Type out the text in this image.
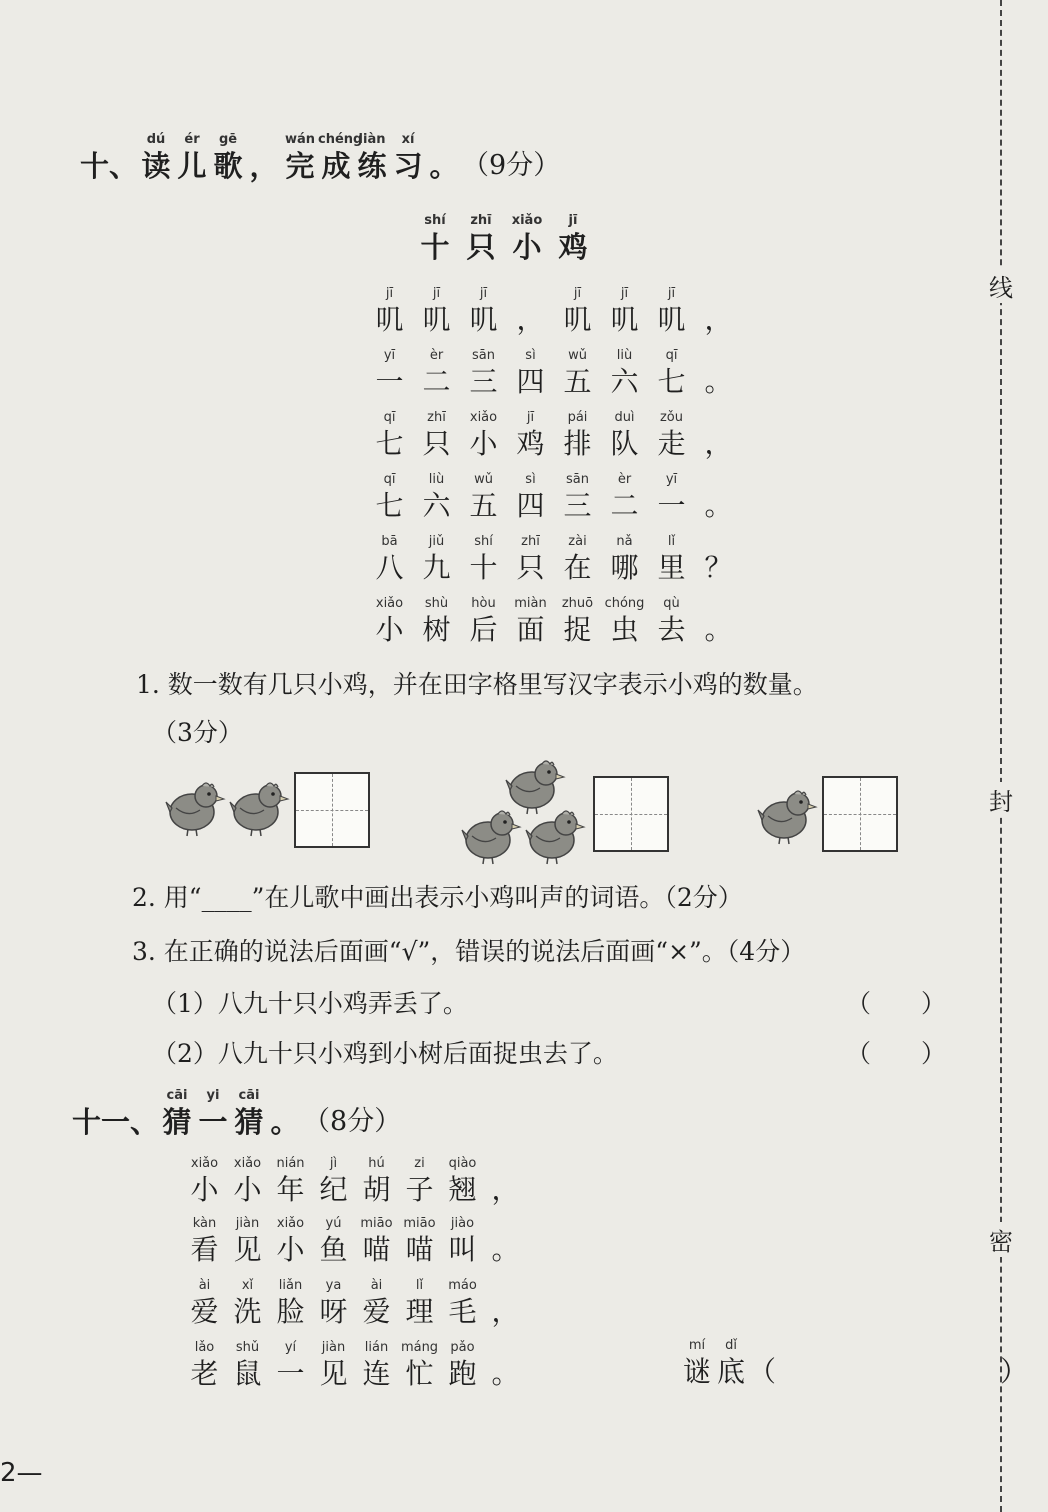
十、
dú
读
ér
儿
gē
歌 ，
wán
完
chéng
成
liàn
练
xí
习 。 （9分）
shí
十
zhī
只
xiǎo
小
jī
鸡
jī
叽
jī
叽
jī
叽 ，
jī
叽
jī
叽
jī
叽 ，
yī
一
èr
二
sān
三
sì
四
wǔ
五
liù
六
qī
七 。
qī
七
zhī
只
xiǎo
小
jī
鸡
pái
排
duì
队
zǒu
走 ，
qī
七
liù
六
wǔ
五
sì
四
sān
三
èr
二
yī
一 。
bā
八
jiǔ
九
shí
十
zhī
只
zài
在
nǎ
哪
lǐ
里 ？
xiǎo
小
shù
树
hòu
后
miàn
面
zhuō
捉
chóng
虫
qù
去 。
1. 数一数有几只小鸡，并在田字格里写汉字表示小鸡的数量。
（3分）
2. 用“____”在儿歌中画出表示小鸡叫声的词语。（2分）
3. 在正确的说法后面画“√”，错误的说法后面画“×”。（4分）
（1）八九十只小鸡弄丢了。	（　　）
（2）八九十只小鸡到小树后面捉虫去了。	（　　）
十一、
cāi
猜
yi
一
cāi
猜 。 （8分）
xiǎo
小
xiǎo
小
nián
年
jì
纪
hú
胡
zi
子
qiào
翘 ，
kàn
看
jiàn
见
xiǎo
小
yú
鱼
miāo
喵
miāo
喵
jiào
叫 。
ài
爱
xǐ
洗
liǎn
脸
ya
呀
ài
爱
lǐ
理
máo
毛 ，
lǎo
老
shǔ
鼠
yí
一
jiàn
见
lián
连
máng
忙
pǎo
跑 。
mí
谜
dǐ
底 （　　　　　　　　）
线
封
密
2—
